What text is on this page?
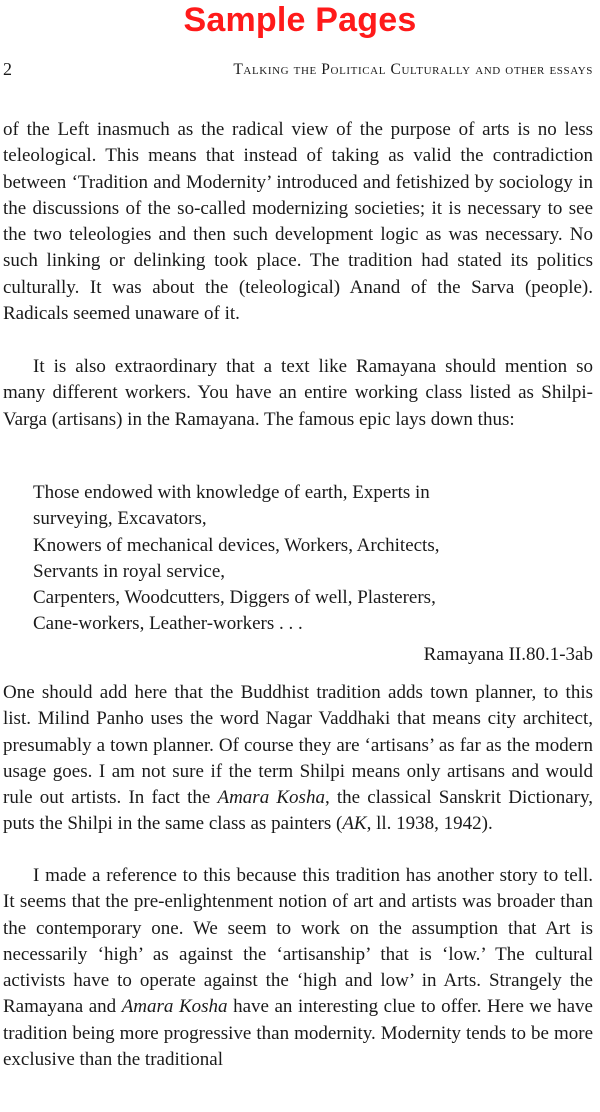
Sample Pages
2	Talking the Political Culturally and other essays

of the Left inasmuch as the radical view of the purpose of arts is no less teleological. This means that instead of taking as valid the contradiction between ‘Tradition and Modernity’ introduced and fetishized by sociology in the discussions of the so-called modernizing societies; it is necessary to see the two teleologies and then such development logic as was necessary. No such linking or delinking took place. The tradition had stated its politics culturally. It was about the (teleological) Anand of the Sarva (people). Radicals seemed unaware of it.

It is also extraordinary that a text like Ramayana should mention so many different workers. You have an entire working class listed as Shilpi-Varga (artisans) in the Ramayana. The famous epic lays down thus:

Those endowed with knowledge of earth, Experts in
surveying, Excavators,
Knowers of mechanical devices, Workers, Architects,
Servants in royal service,
Carpenters, Woodcutters, Diggers of well, Plasterers,
Cane-workers, Leather-workers . . .
Ramayana II.80.1-3ab

One should add here that the Buddhist tradition adds town planner, to this list. Milind Panho uses the word Nagar Vaddhaki that means city architect, presumably a town planner. Of course they are ‘artisans’ as far as the modern usage goes. I am not sure if the term Shilpi means only artisans and would rule out artists. In fact the Amara Kosha, the classical Sanskrit Dictionary, puts the Shilpi in the same class as painters (AK, ll. 1938, 1942).

I made a reference to this because this tradition has another story to tell. It seems that the pre-enlightenment notion of art and artists was broader than the contemporary one. We seem to work on the assumption that Art is necessarily ‘high’ as against the ‘artisanship’ that is ‘low.’ The cultural activists have to operate against the ‘high and low’ in Arts. Strangely the Ramayana and Amara Kosha have an interesting clue to offer. Here we have tradition being more progressive than modernity. Modernity tends to be more exclusive than the traditional
